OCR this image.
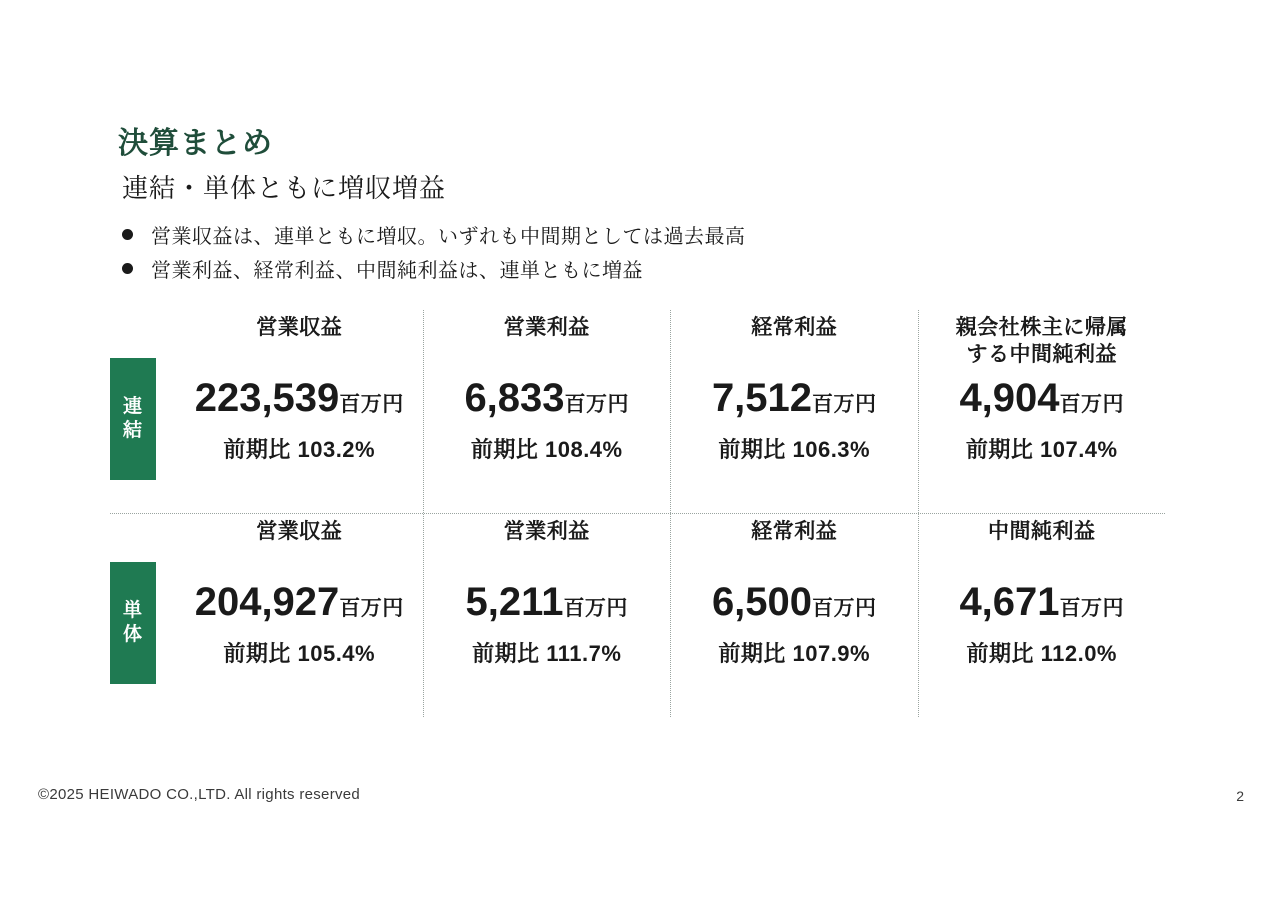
決算まとめ
連結・単体ともに増収増益
営業収益は、連単ともに増収。いずれも中間期としては過去最高
営業利益、経常利益、中間純利益は、連単ともに増益
連
結
営業収益
223,539百万円
前期比 103.2%
営業利益
6,833百万円
前期比 108.4%
経常利益
7,512百万円
前期比 106.3%
親会社株主に帰属
する中間純利益
4,904百万円
前期比 107.4%
単
体
営業収益
204,927百万円
前期比 105.4%
営業利益
5,211百万円
前期比 111.7%
経常利益
6,500百万円
前期比 107.9%
中間純利益
4,671百万円
前期比 112.0%
©2025 HEIWADO CO.,LTD. All rights reserved	2
